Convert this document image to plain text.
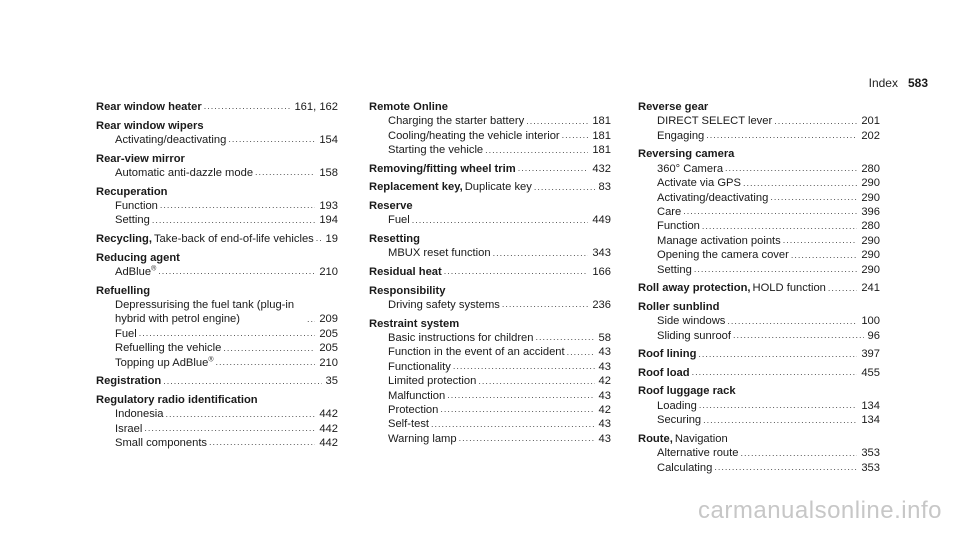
Index 583
Rear window heater .....	161, 162
Rear window wipers
Activating/deactivating .....	154
Rear-view mirror
Automatic anti-dazzle mode .....	158
Recuperation
Function .....	193
Setting .....	194
Recycling, Take-back of end-of-life vehicles ..... 19
Reducing agent
AdBlue® .....	210
Refuelling
Depressurising the fuel tank (plug-in hybrid with petrol engine) .....	209
Fuel .....	205
Refuelling the vehicle .....	205
Topping up AdBlue® .....	210
Registration .....	35
Regulatory radio identification
Indonesia .....	442
Israel .....	442
Small components .....	442
Remote Online
Charging the starter battery .....	181
Cooling/heating the vehicle interior .....	181
Starting the vehicle .....	181
Removing/fitting wheel trim .....	432
Replacement key, Duplicate key .....	83
Reserve
Fuel .....	449
Resetting
MBUX reset function .....	343
Residual heat .....	166
Responsibility
Driving safety systems .....	236
Restraint system
Basic instructions for children .....	58
Function in the event of an accident .....	43
Functionality .....	43
Limited protection .....	42
Malfunction .....	43
Protection .....	42
Self-test .....	43
Warning lamp .....	43
Reverse gear
DIRECT SELECT lever .....	201
Engaging .....	202
Reversing camera
360° Camera .....	280
Activate via GPS .....	290
Activating/deactivating .....	290
Care .....	396
Function .....	280
Manage activation points .....	290
Opening the camera cover .....	290
Setting .....	290
Roll away protection, HOLD function .....	241
Roller sunblind
Side windows .....	100
Sliding sunroof .....	96
Roof lining .....	397
Roof load .....	455
Roof luggage rack
Loading .....	134
Securing .....	134
Route, Navigation
Alternative route .....	353
Calculating .....	353
carmanualsonline.info
